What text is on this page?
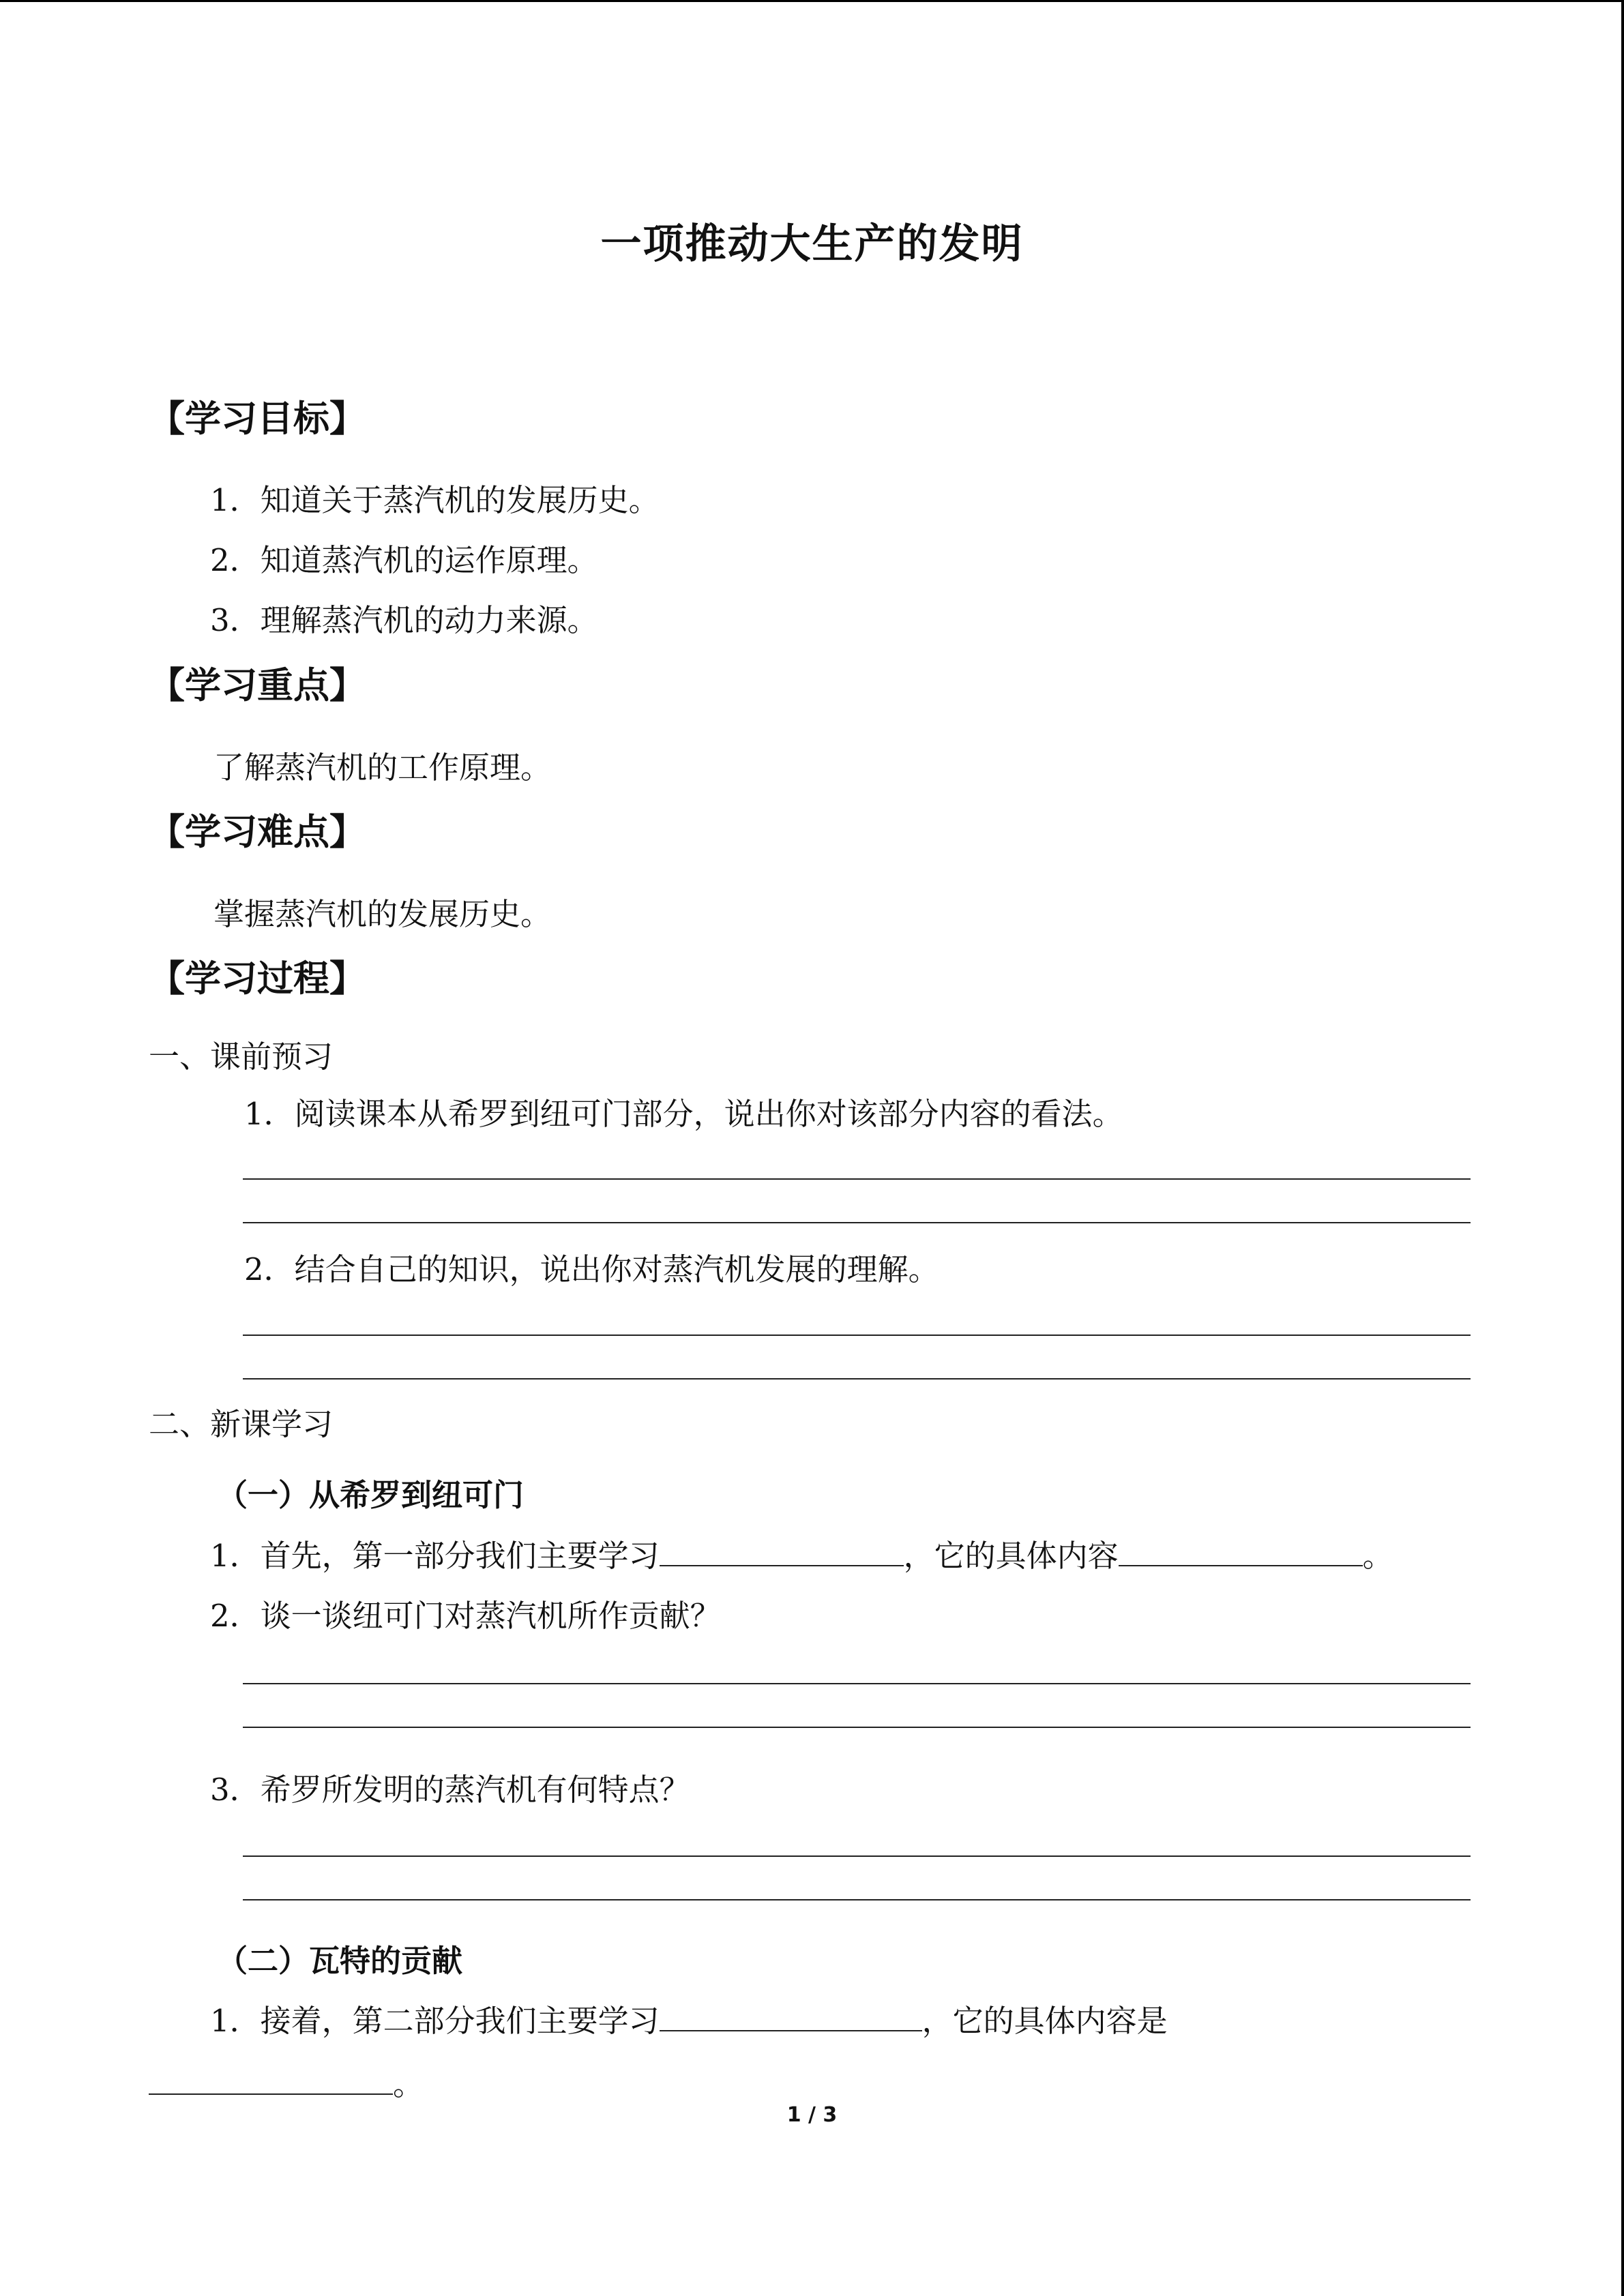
一项推动大生产的发明
【学习目标】
1．知道关于蒸汽机的发展历史。
2．知道蒸汽机的运作原理。
3．理解蒸汽机的动力来源。
【学习重点】
了解蒸汽机的工作原理。
【学习难点】
掌握蒸汽机的发展历史。
【学习过程】
一、课前预习
1．阅读课本从希罗到纽可门部分，说出你对该部分内容的看法。
2．结合自己的知识，说出你对蒸汽机发展的理解。
二、新课学习
（一）从希罗到纽可门
1．首先，第一部分我们主要学习	，它的具体内容	。
2．谈一谈纽可门对蒸汽机所作贡献？
3．希罗所发明的蒸汽机有何特点？
（二）瓦特的贡献
1．接着，第二部分我们主要学习	，它的具体内容是
。
1 / 3
